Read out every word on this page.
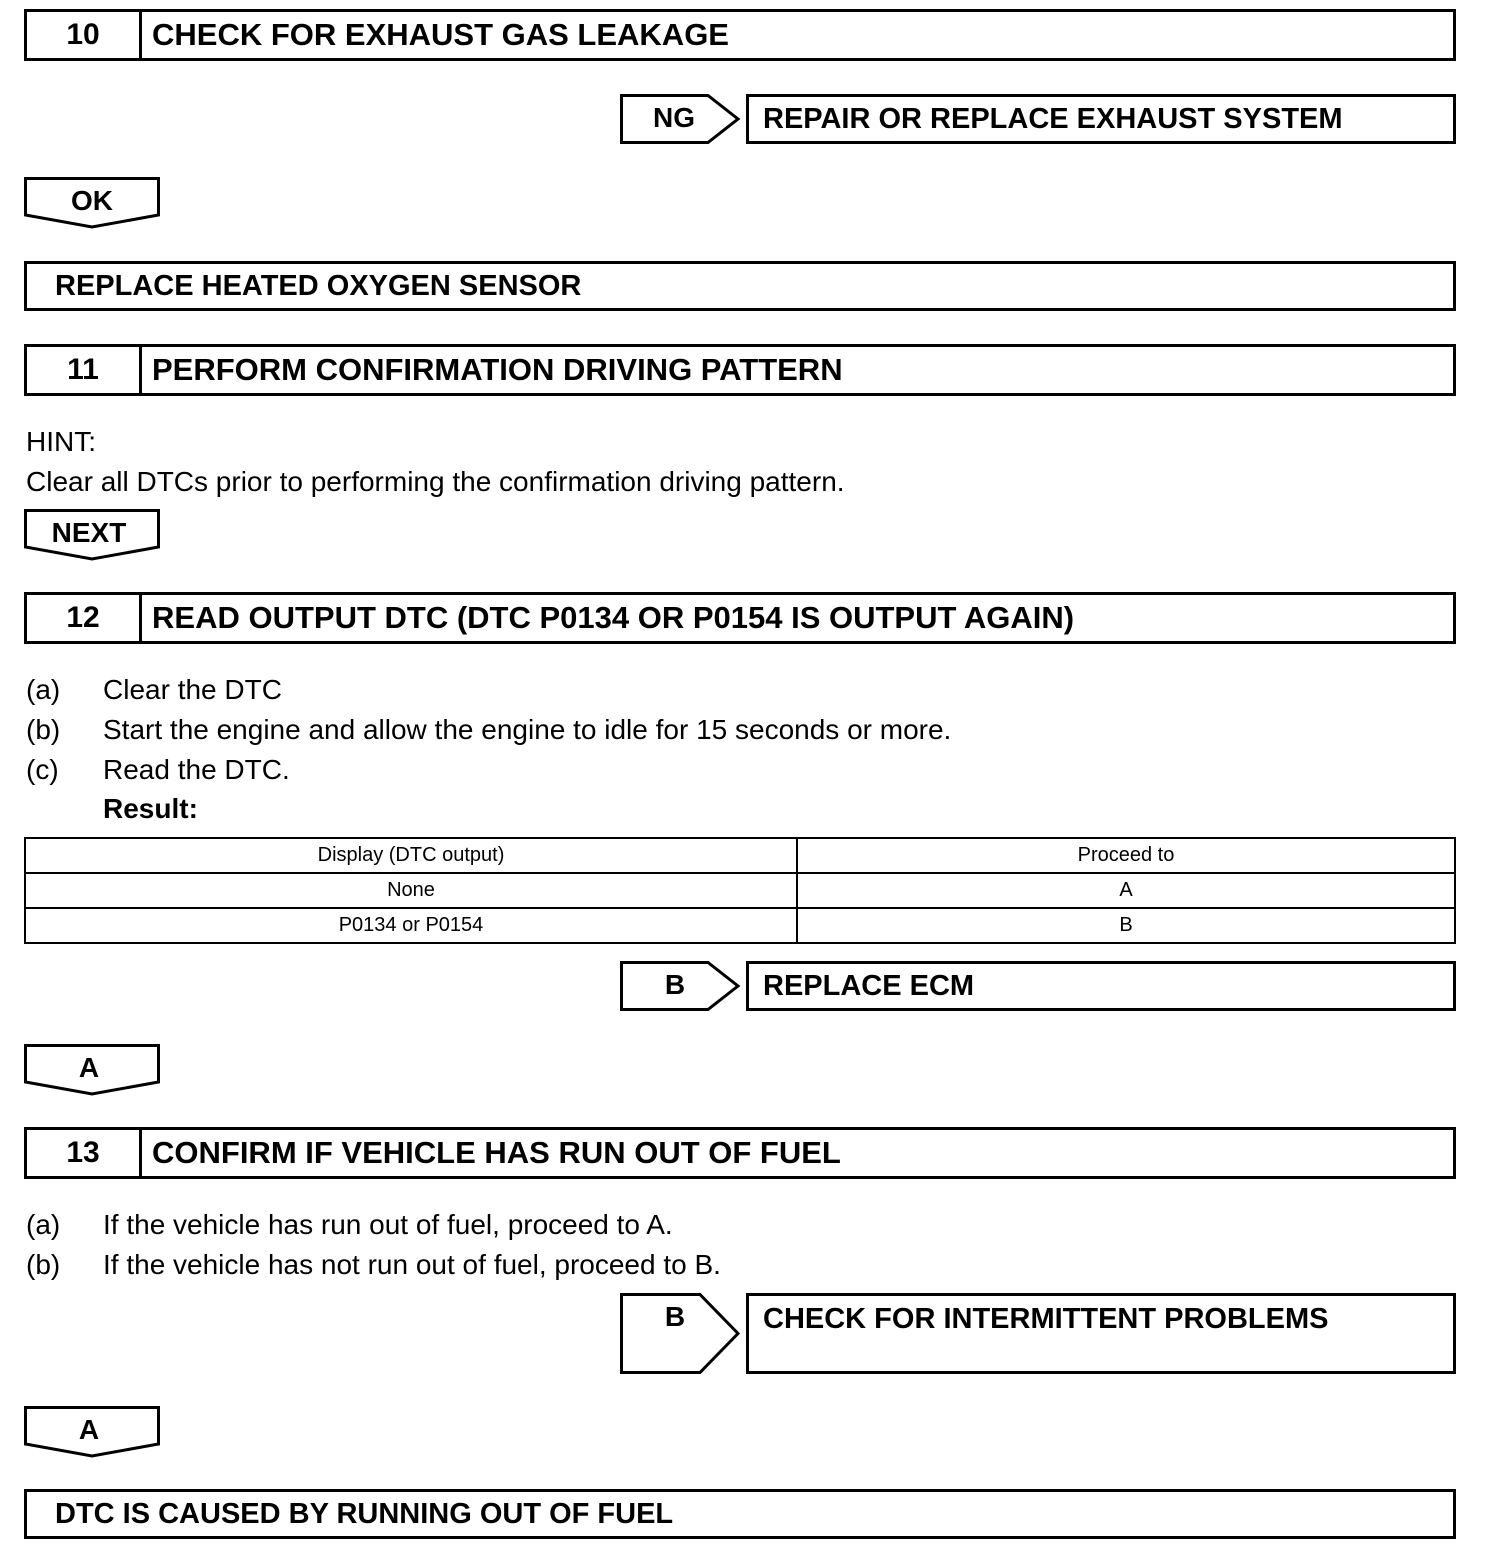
10	CHECK FOR EXHAUST GAS LEAKAGE
NG	REPAIR OR REPLACE EXHAUST SYSTEM
OK
REPLACE HEATED OXYGEN SENSOR
11	PERFORM CONFIRMATION DRIVING PATTERN
HINT:
Clear all DTCs prior to performing the confirmation driving pattern.
NEXT
12	READ OUTPUT DTC (DTC P0134 OR P0154 IS OUTPUT AGAIN)
(a) Clear the DTC
(b) Start the engine and allow the engine to idle for 15 seconds or more.
(c) Read the DTC.
Result:
Display (DTC output)	Proceed to
None	A
P0134 or P0154	B
B	REPLACE ECM
A
13	CONFIRM IF VEHICLE HAS RUN OUT OF FUEL
(a) If the vehicle has run out of fuel, proceed to A.
(b) If the vehicle has not run out of fuel, proceed to B.
B	CHECK FOR INTERMITTENT PROBLEMS
A
DTC IS CAUSED BY RUNNING OUT OF FUEL
